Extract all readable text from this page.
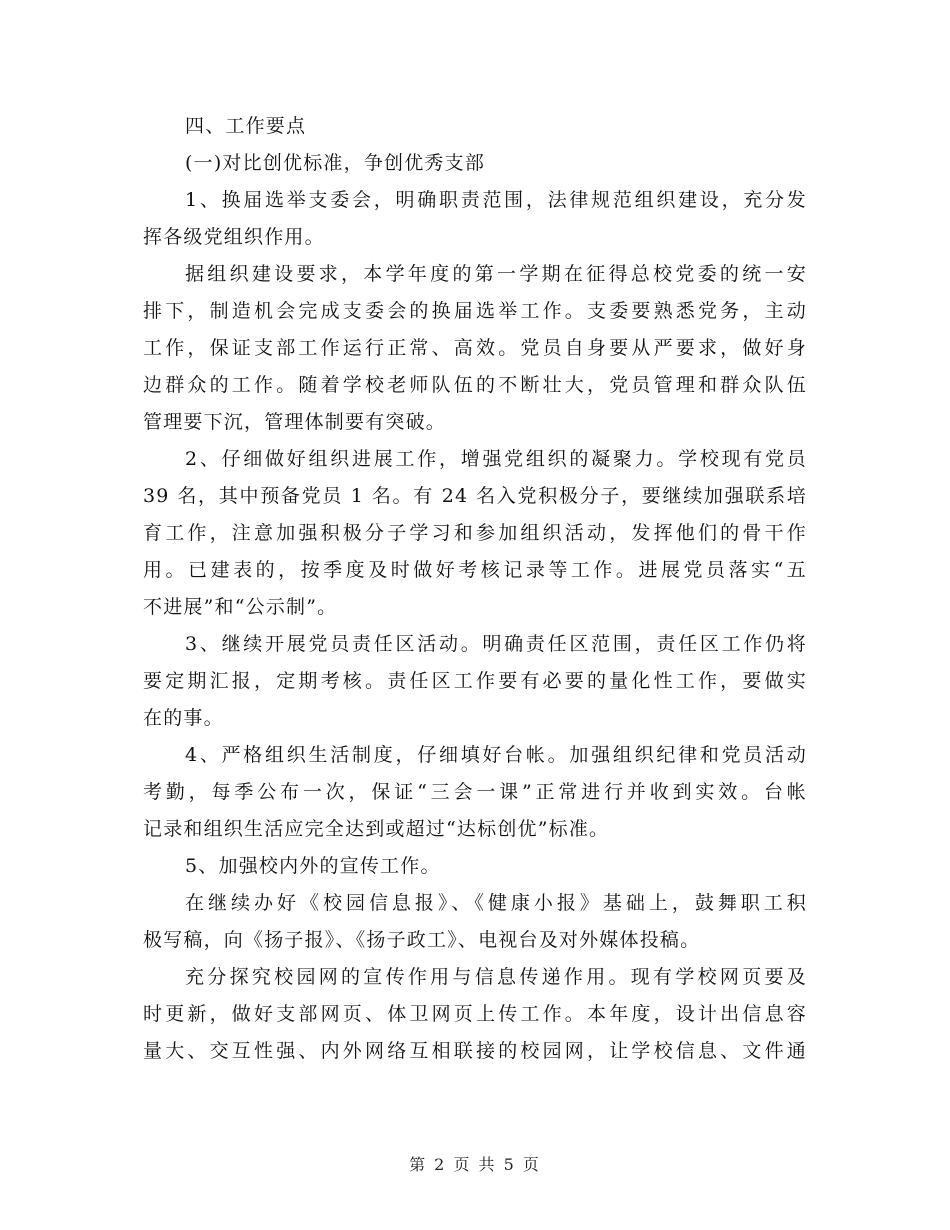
四、工作要点
(一)对比创优标准，争创优秀支部
1、换届选举支委会，明确职责范围，法律规范组织建设，充分发
挥各级党组织作用。
据组织建设要求，本学年度的第一学期在征得总校党委的统一安
排下，制造机会完成支委会的换届选举工作。支委要熟悉党务，主动
工作，保证支部工作运行正常、高效。党员自身要从严要求，做好身
边群众的工作。随着学校老师队伍的不断壮大，党员管理和群众队伍
管理要下沉，管理体制要有突破。
2、仔细做好组织进展工作，增强党组织的凝聚力。学校现有党员
39 名，其中预备党员 1 名。有 24 名入党积极分子，要继续加强联系培
育工作，注意加强积极分子学习和参加组织活动，发挥他们的骨干作
用。已建表的，按季度及时做好考核记录等工作。进展党员落实“五
不进展”和“公示制”。
3、继续开展党员责任区活动。明确责任区范围，责任区工作仍将
要定期汇报，定期考核。责任区工作要有必要的量化性工作，要做实
在的事。
4、严格组织生活制度，仔细填好台帐。加强组织纪律和党员活动
考勤，每季公布一次，保证“三会一课”正常进行并收到实效。台帐
记录和组织生活应完全达到或超过“达标创优”标准。
5、加强校内外的宣传工作。
在继续办好《校园信息报》、《健康小报》基础上，鼓舞职工积
极写稿，向《扬子报》、《扬子政工》、电视台及对外媒体投稿。
充分探究校园网的宣传作用与信息传递作用。现有学校网页要及
时更新，做好支部网页、体卫网页上传工作。本年度，设计出信息容
量大、交互性强、内外网络互相联接的校园网，让学校信息、文件通
第 2 页 共 5 页
